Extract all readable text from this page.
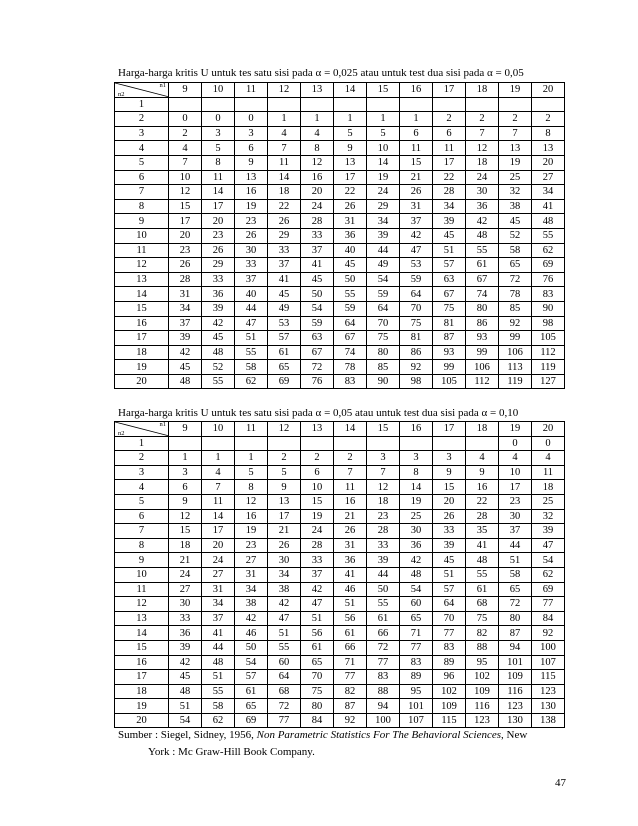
Harga-harga kritis U untuk tes satu sisi pada α = 0,025 atau untuk test dua sisi pada α = 0,05
n1
n2	9	10	11	12	13	14	15	16	17	18	19	20
1												
2	0	0	0	1	1	1	1	1	2	2	2	2
3	2	3	3	4	4	5	5	6	6	7	7	8
4	4	5	6	7	8	9	10	11	11	12	13	13
5	7	8	9	11	12	13	14	15	17	18	19	20
6	10	11	13	14	16	17	19	21	22	24	25	27
7	12	14	16	18	20	22	24	26	28	30	32	34
8	15	17	19	22	24	26	29	31	34	36	38	41
9	17	20	23	26	28	31	34	37	39	42	45	48
10	20	23	26	29	33	36	39	42	45	48	52	55
11	23	26	30	33	37	40	44	47	51	55	58	62
12	26	29	33	37	41	45	49	53	57	61	65	69
13	28	33	37	41	45	50	54	59	63	67	72	76
14	31	36	40	45	50	55	59	64	67	74	78	83
15	34	39	44	49	54	59	64	70	75	80	85	90
16	37	42	47	53	59	64	70	75	81	86	92	98
17	39	45	51	57	63	67	75	81	87	93	99	105
18	42	48	55	61	67	74	80	86	93	99	106	112
19	45	52	58	65	72	78	85	92	99	106	113	119
20	48	55	62	69	76	83	90	98	105	112	119	127
Harga-harga kritis U untuk tes satu sisi pada α = 0,05 atau untuk test dua sisi pada α = 0,10
n1
n2	9	10	11	12	13	14	15	16	17	18	19	20
1											0	0
2	1	1	1	2	2	2	3	3	3	4	4	4
3	3	4	5	5	6	7	7	8	9	9	10	11
4	6	7	8	9	10	11	12	14	15	16	17	18
5	9	11	12	13	15	16	18	19	20	22	23	25
6	12	14	16	17	19	21	23	25	26	28	30	32
7	15	17	19	21	24	26	28	30	33	35	37	39
8	18	20	23	26	28	31	33	36	39	41	44	47
9	21	24	27	30	33	36	39	42	45	48	51	54
10	24	27	31	34	37	41	44	48	51	55	58	62
11	27	31	34	38	42	46	50	54	57	61	65	69
12	30	34	38	42	47	51	55	60	64	68	72	77
13	33	37	42	47	51	56	61	65	70	75	80	84
14	36	41	46	51	56	61	66	71	77	82	87	92
15	39	44	50	55	61	66	72	77	83	88	94	100
16	42	48	54	60	65	71	77	83	89	95	101	107
17	45	51	57	64	70	77	83	89	96	102	109	115
18	48	55	61	68	75	82	88	95	102	109	116	123
19	51	58	65	72	80	87	94	101	109	116	123	130
20	54	62	69	77	84	92	100	107	115	123	130	138
Sumber : Siegel, Sidney, 1956, Non Parametric Statistics For The Behavioral Sciences, New
York : Mc Graw-Hill Book Company.
47
